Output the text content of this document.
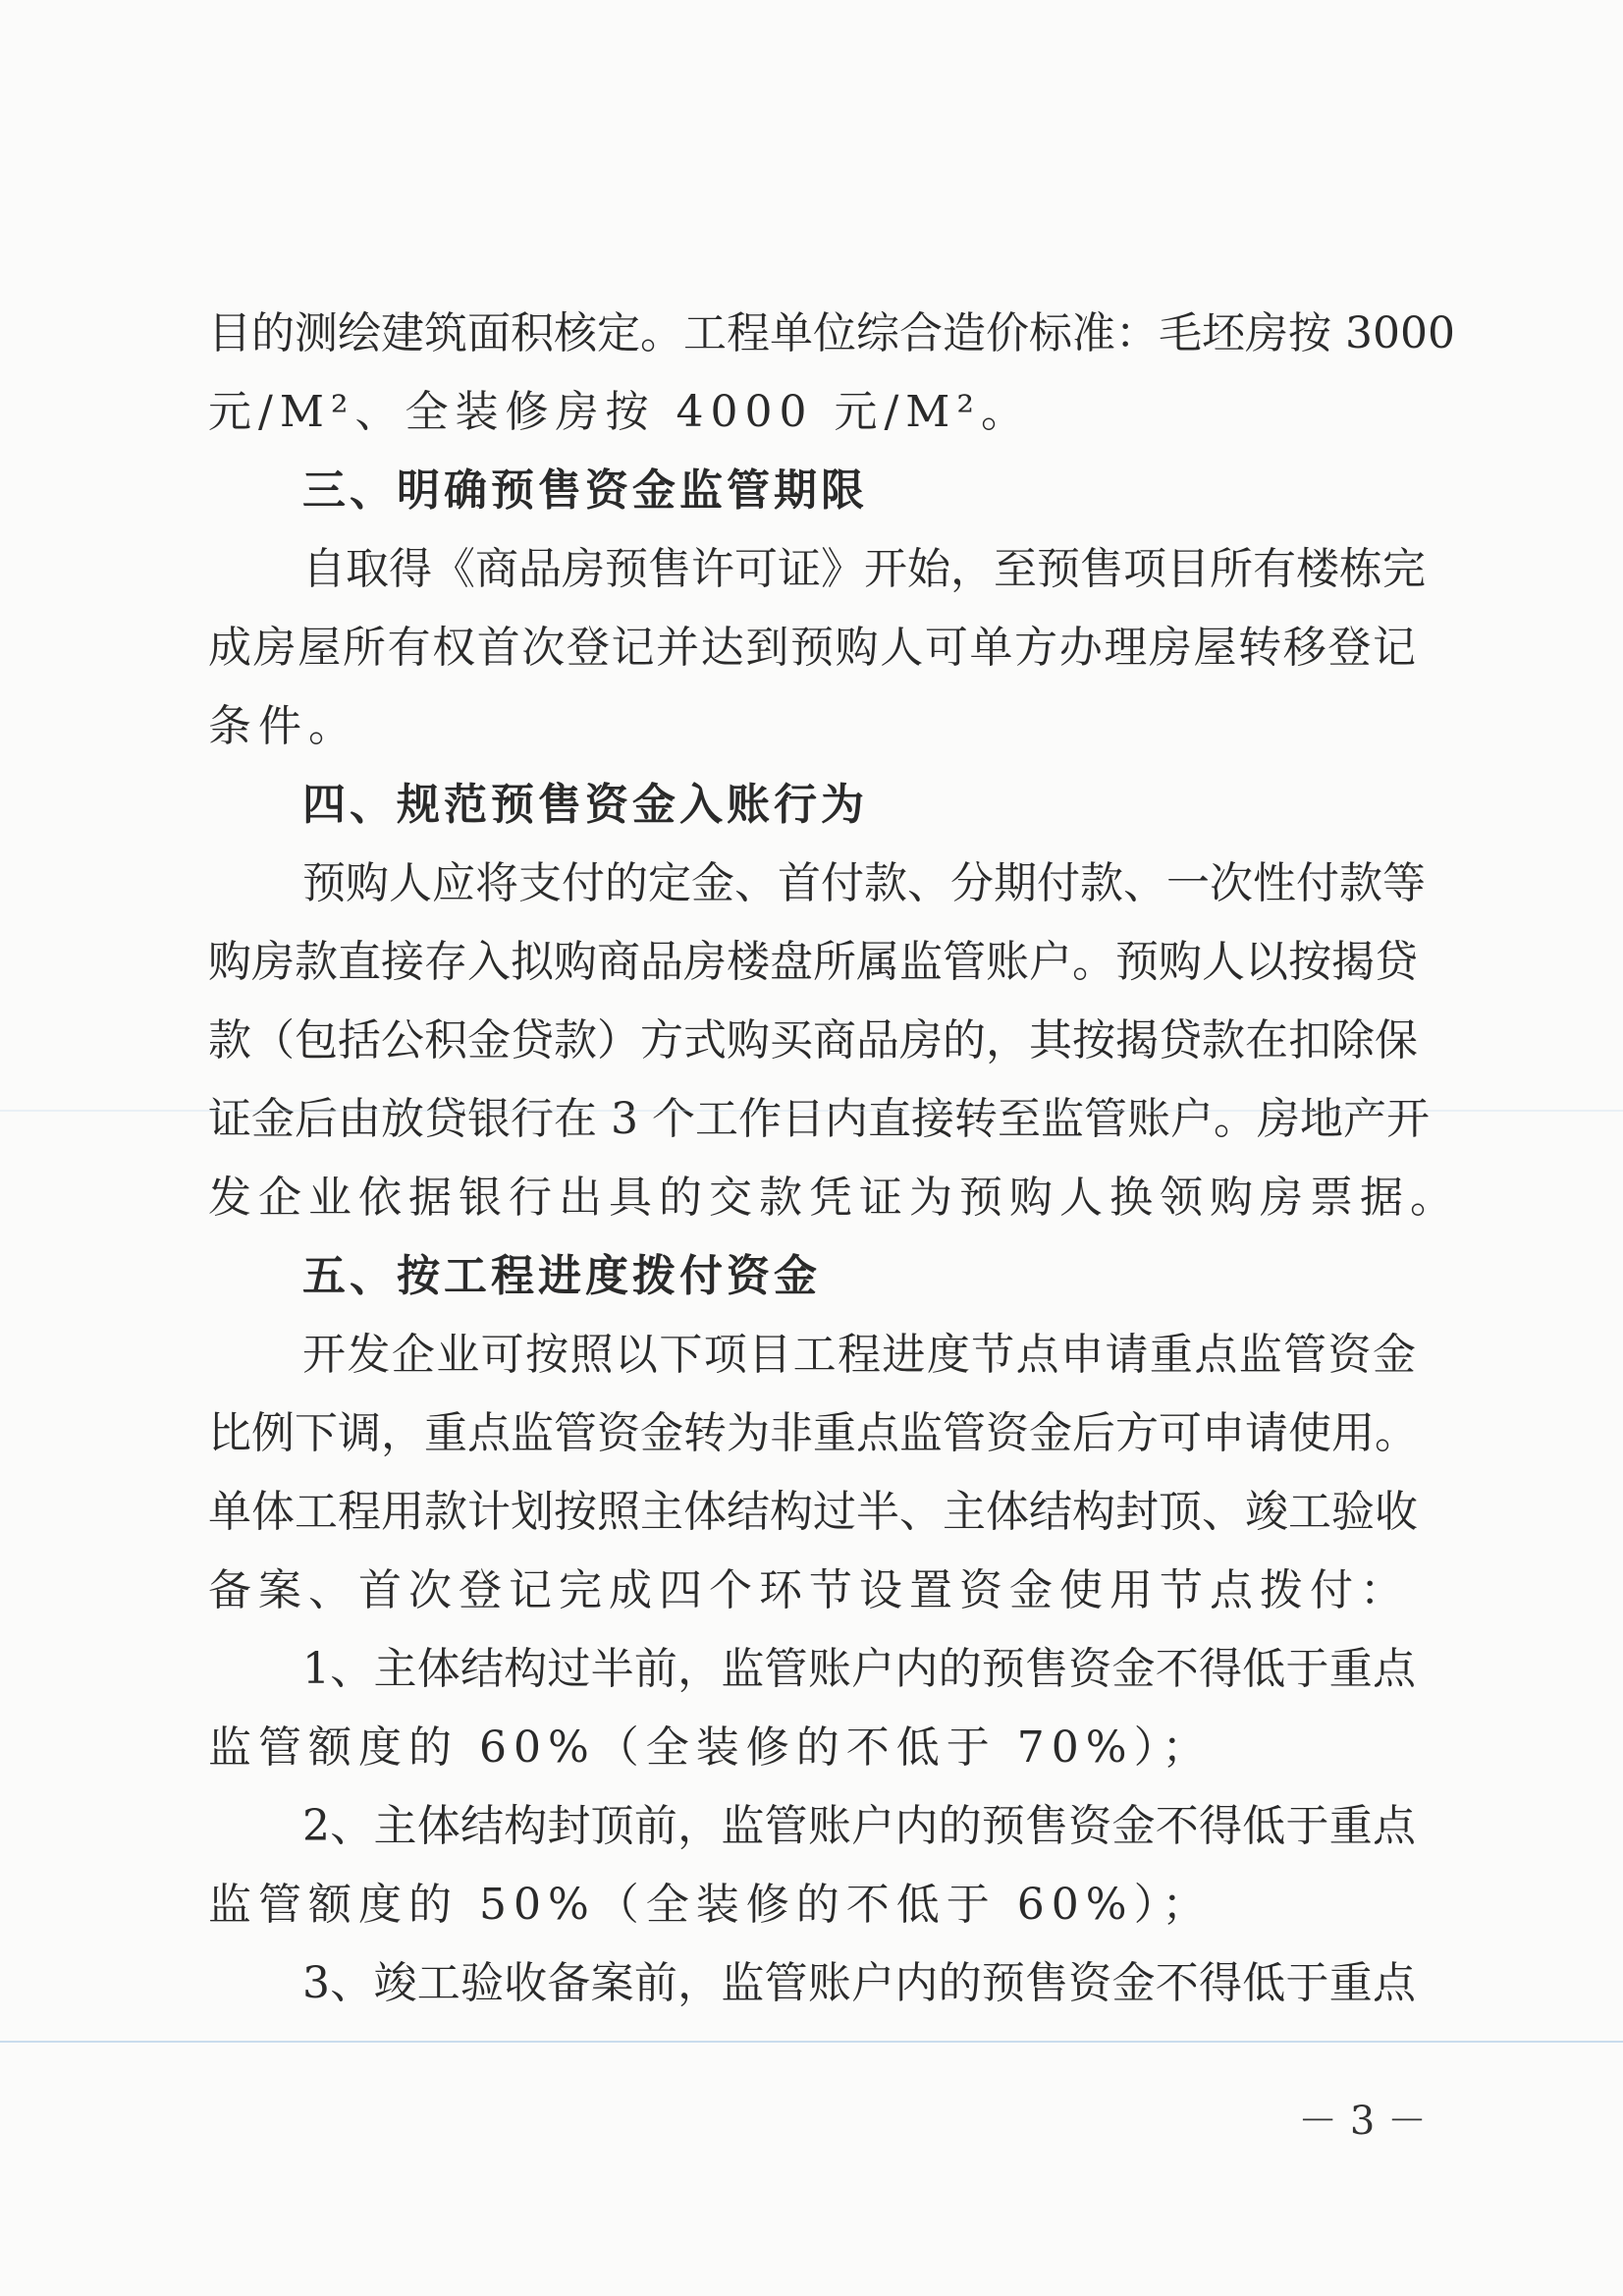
目的测绘建筑面积核定。工程单位综合造价标准：毛坯房按 3000
元/M²、全装修房按 4000 元/M²。
三、明确预售资金监管期限
自取得《商品房预售许可证》开始，至预售项目所有楼栋完
成房屋所有权首次登记并达到预购人可单方办理房屋转移登记
条件。
四、规范预售资金入账行为
预购人应将支付的定金、首付款、分期付款、一次性付款等
购房款直接存入拟购商品房楼盘所属监管账户。预购人以按揭贷
款（包括公积金贷款）方式购买商品房的，其按揭贷款在扣除保
证金后由放贷银行在 3 个工作日内直接转至监管账户。房地产开
发企业依据银行出具的交款凭证为预购人换领购房票据。
五、按工程进度拨付资金
开发企业可按照以下项目工程进度节点申请重点监管资金
比例下调，重点监管资金转为非重点监管资金后方可申请使用。
单体工程用款计划按照主体结构过半、主体结构封顶、竣工验收
备案、首次登记完成四个环节设置资金使用节点拨付：
1、主体结构过半前，监管账户内的预售资金不得低于重点
监管额度的 60%（全装修的不低于 70%）；
2、主体结构封顶前，监管账户内的预售资金不得低于重点
监管额度的 50%（全装修的不低于 60%）；
3、竣工验收备案前，监管账户内的预售资金不得低于重点
－ 3 －
